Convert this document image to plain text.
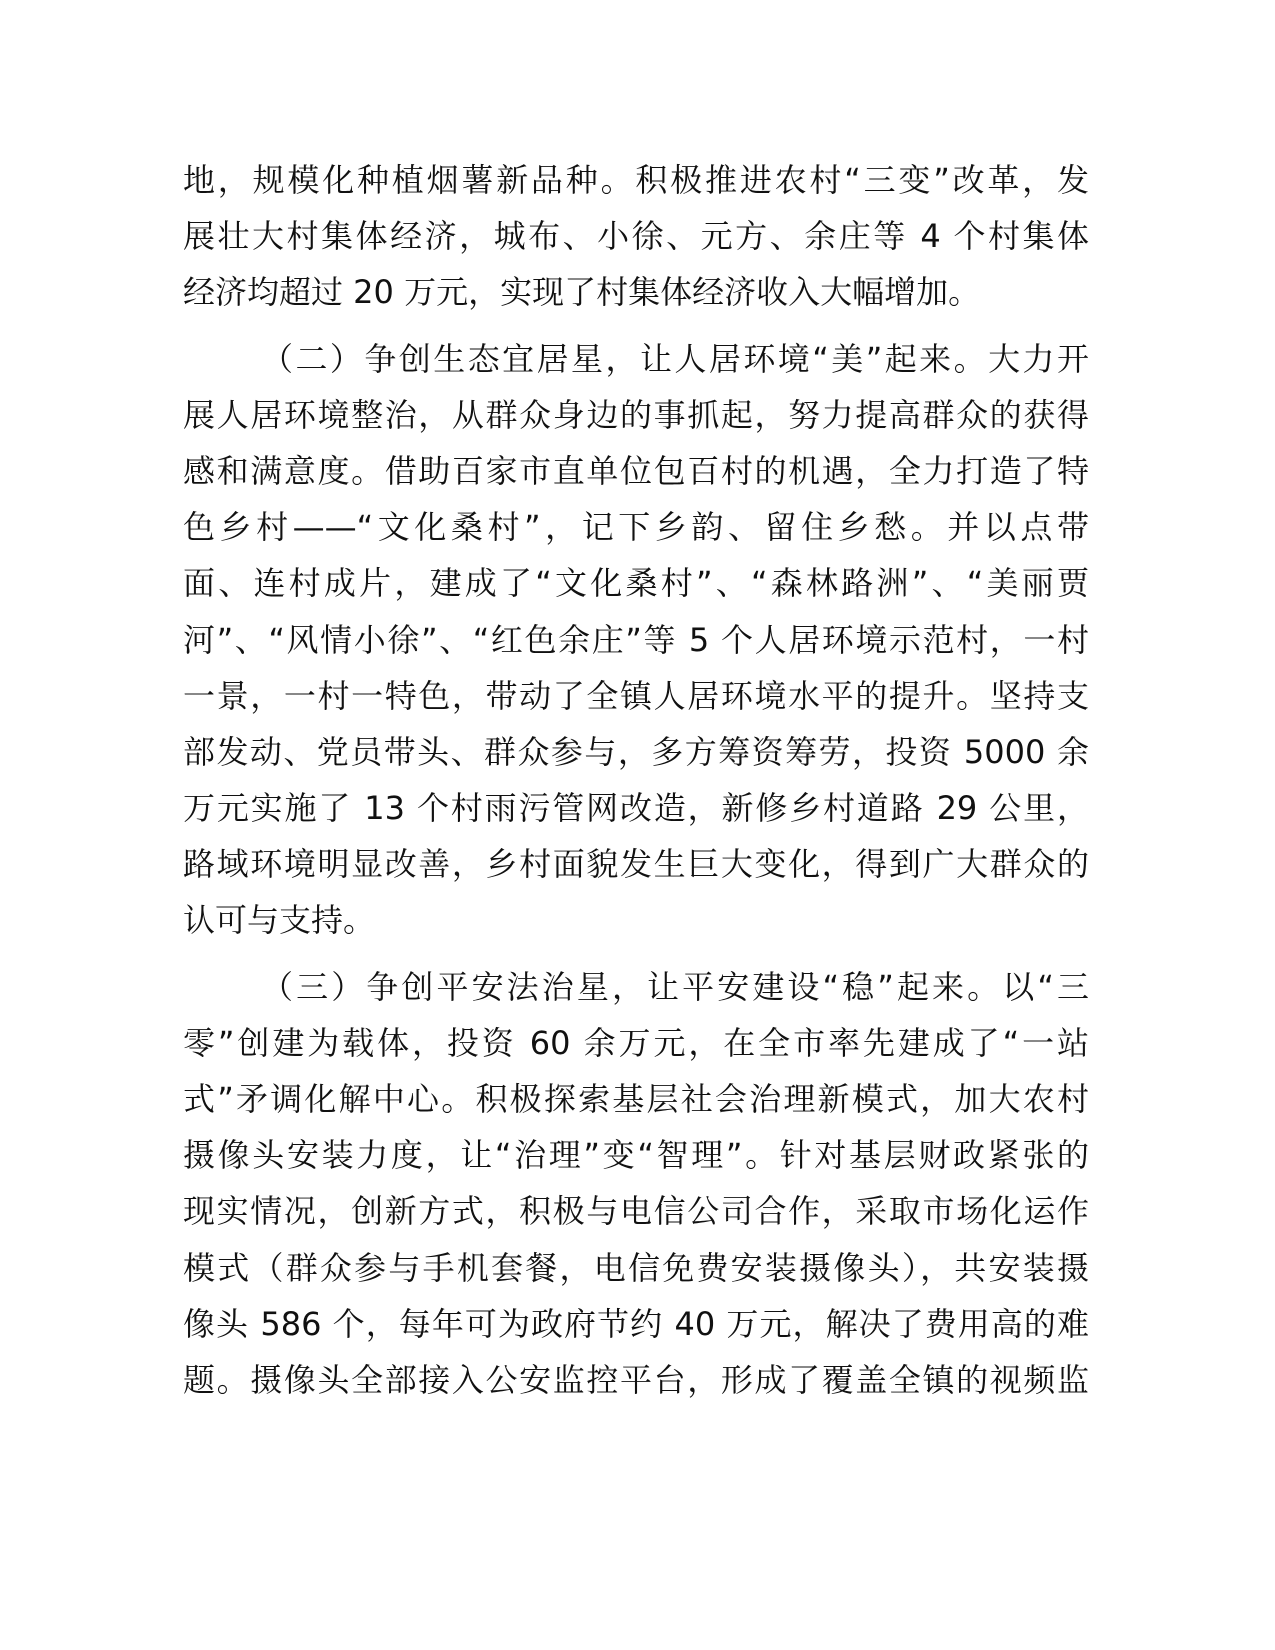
地，规模化种植烟薯新品种。积极推进农村“三变”改革，发
展壮大村集体经济，城布、小徐、元方、余庄等 4 个村集体
经济均超过 20 万元，实现了村集体经济收入大幅增加。
（二）争创生态宜居星，让人居环境“美”起来。大力开
展人居环境整治，从群众身边的事抓起，努力提高群众的获得
感和满意度。借助百家市直单位包百村的机遇，全力打造了特
色乡村——“文化桑村”，记下乡韵、留住乡愁。并以点带
面、连村成片，建成了“文化桑村”、“森林路洲”、“美丽贾
河”、“风情小徐”、“红色余庄”等 5 个人居环境示范村，一村
一景，一村一特色，带动了全镇人居环境水平的提升。坚持支
部发动、党员带头、群众参与，多方筹资筹劳，投资 5000 余
万元实施了 13 个村雨污管网改造，新修乡村道路 29 公里，
路域环境明显改善，乡村面貌发生巨大变化，得到广大群众的
认可与支持。
（三）争创平安法治星，让平安建设“稳”起来。以“三
零”创建为载体，投资 60 余万元，在全市率先建成了“一站
式”矛调化解中心。积极探索基层社会治理新模式，加大农村
摄像头安装力度，让“治理”变“智理”。针对基层财政紧张的
现实情况，创新方式，积极与电信公司合作，采取市场化运作
模式（群众参与手机套餐，电信免费安装摄像头），共安装摄
像头 586 个，每年可为政府节约 40 万元，解决了费用高的难
题。摄像头全部接入公安监控平台，形成了覆盖全镇的视频监
